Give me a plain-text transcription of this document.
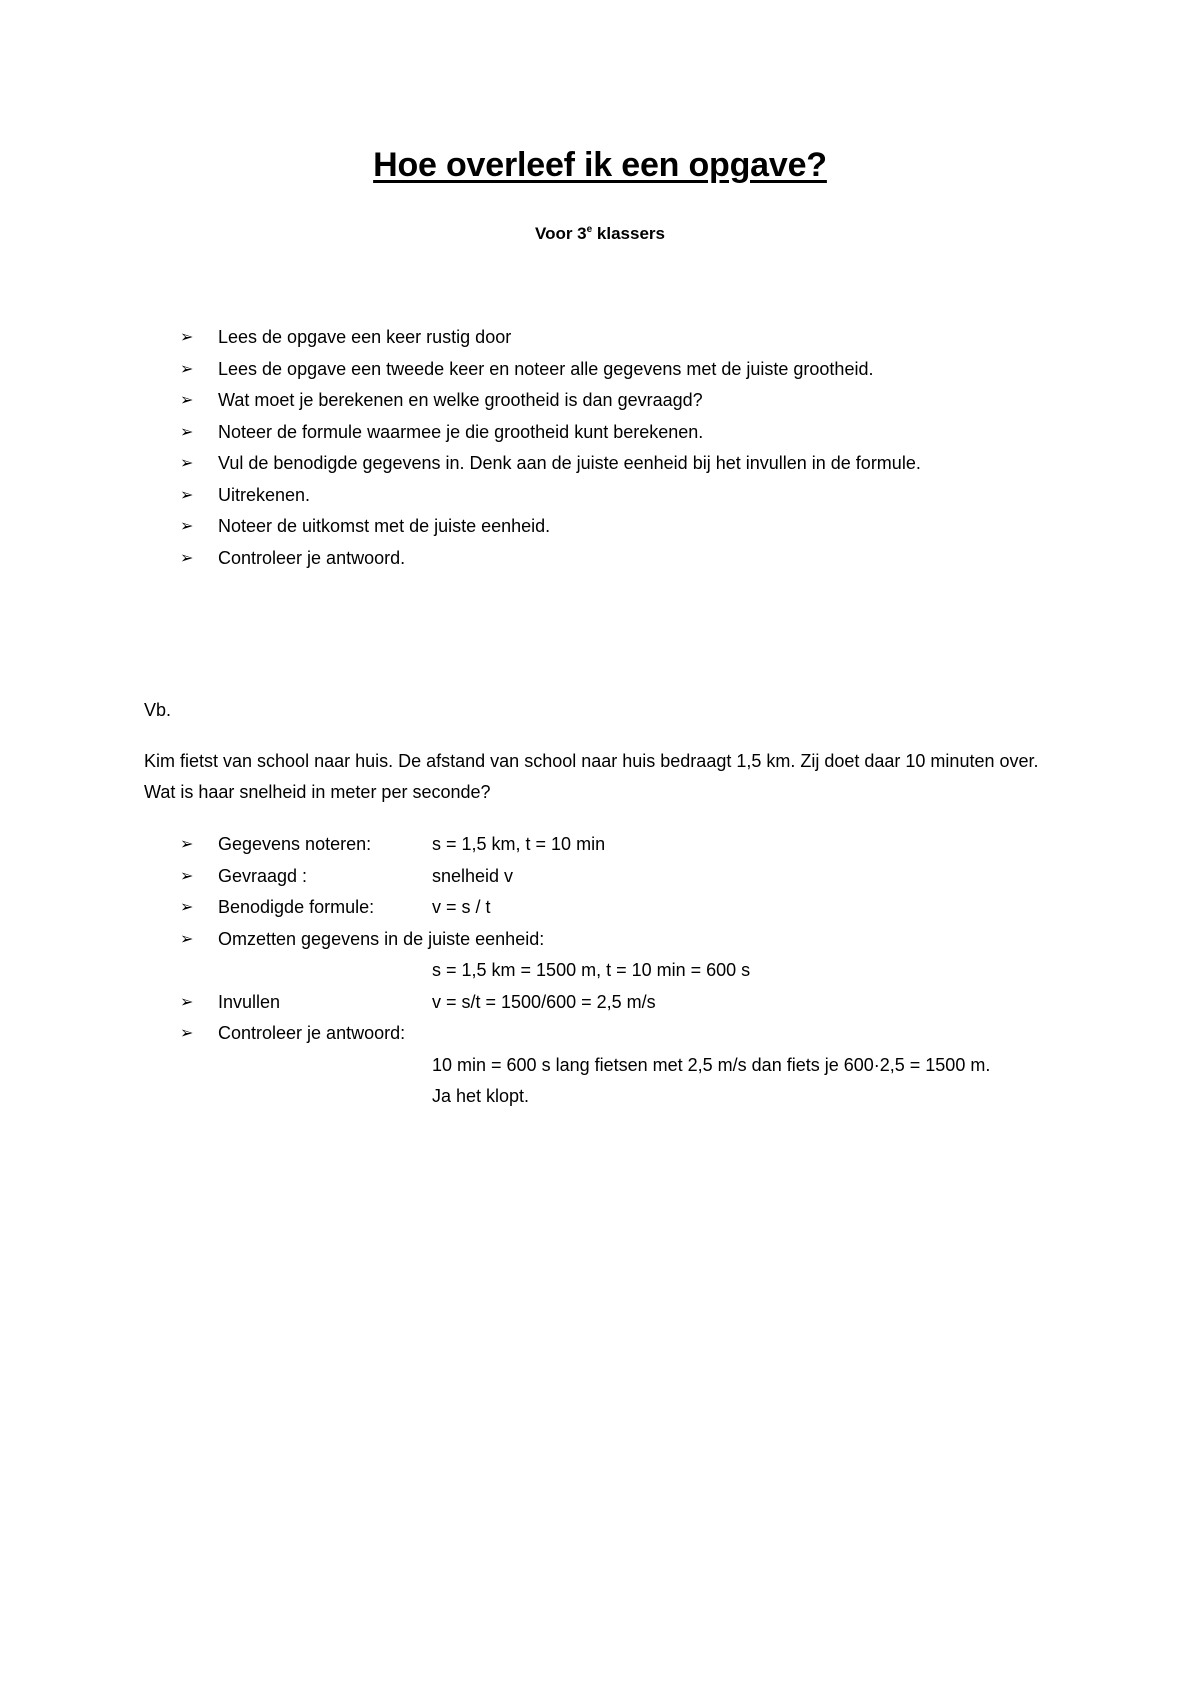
Hoe overleef ik een opgave?
Voor 3e klassers
➢	Lees de opgave een keer rustig door
➢	Lees de opgave een tweede keer en noteer alle gegevens met de juiste grootheid.
➢	Wat moet je berekenen en welke grootheid is dan gevraagd?
➢	Noteer de formule waarmee je die grootheid kunt berekenen.
➢	Vul de benodigde gegevens in. Denk aan de juiste eenheid bij het invullen in de formule.
➢	Uitrekenen.
➢	Noteer de uitkomst met de juiste eenheid.
➢	Controleer je antwoord.
Vb.
Kim fietst van school naar huis. De afstand van school naar huis bedraagt 1,5 km. Zij doet daar 10 minuten over. Wat is haar snelheid in meter per seconde?
➢	Gegevens noteren:	s = 1,5 km, t = 10 min
➢	Gevraagd :	snelheid v
➢	Benodigde formule:	v = s / t
➢	Omzetten gegevens in de juiste eenheid:
s = 1,5 km = 1500 m, t = 10 min = 600 s
➢	Invullen	v = s/t = 1500/600 = 2,5 m/s
➢	Controleer je antwoord:
10 min = 600 s lang fietsen met 2,5 m/s dan fiets je 600·2,5 = 1500 m.
Ja het klopt.
